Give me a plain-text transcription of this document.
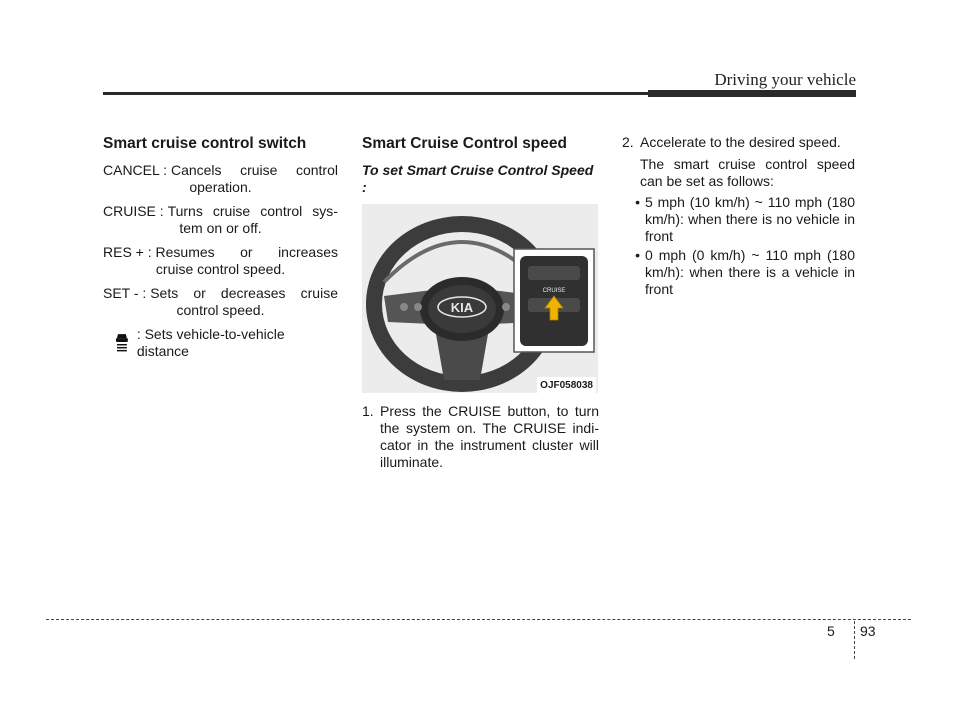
Driving your vehicle
Smart cruise control switch
CANCEL : Cancels cruise control
operation.
CRUISE : Turns cruise control sys-
tem on or off.
RES + : Resumes or increases
cruise control speed.
SET - : Sets or decreases cruise
control speed.
: Sets vehicle-to-vehicle distance
Smart Cruise Control speed
To set Smart Cruise Control Speed :
KIA
CRUISE
OJF058038
1. Press the CRUISE button, to turn the system on. The CRUISE indi-cator in the instrument cluster will illuminate.
2. Accelerate to the desired speed.
The smart cruise control speed can be set as follows:
• 5 mph (10 km/h) ~ 110 mph (180 km/h): when there is no vehicle in front
• 0 mph (0 km/h) ~ 110 mph (180 km/h): when there is a vehicle in front
5 93
